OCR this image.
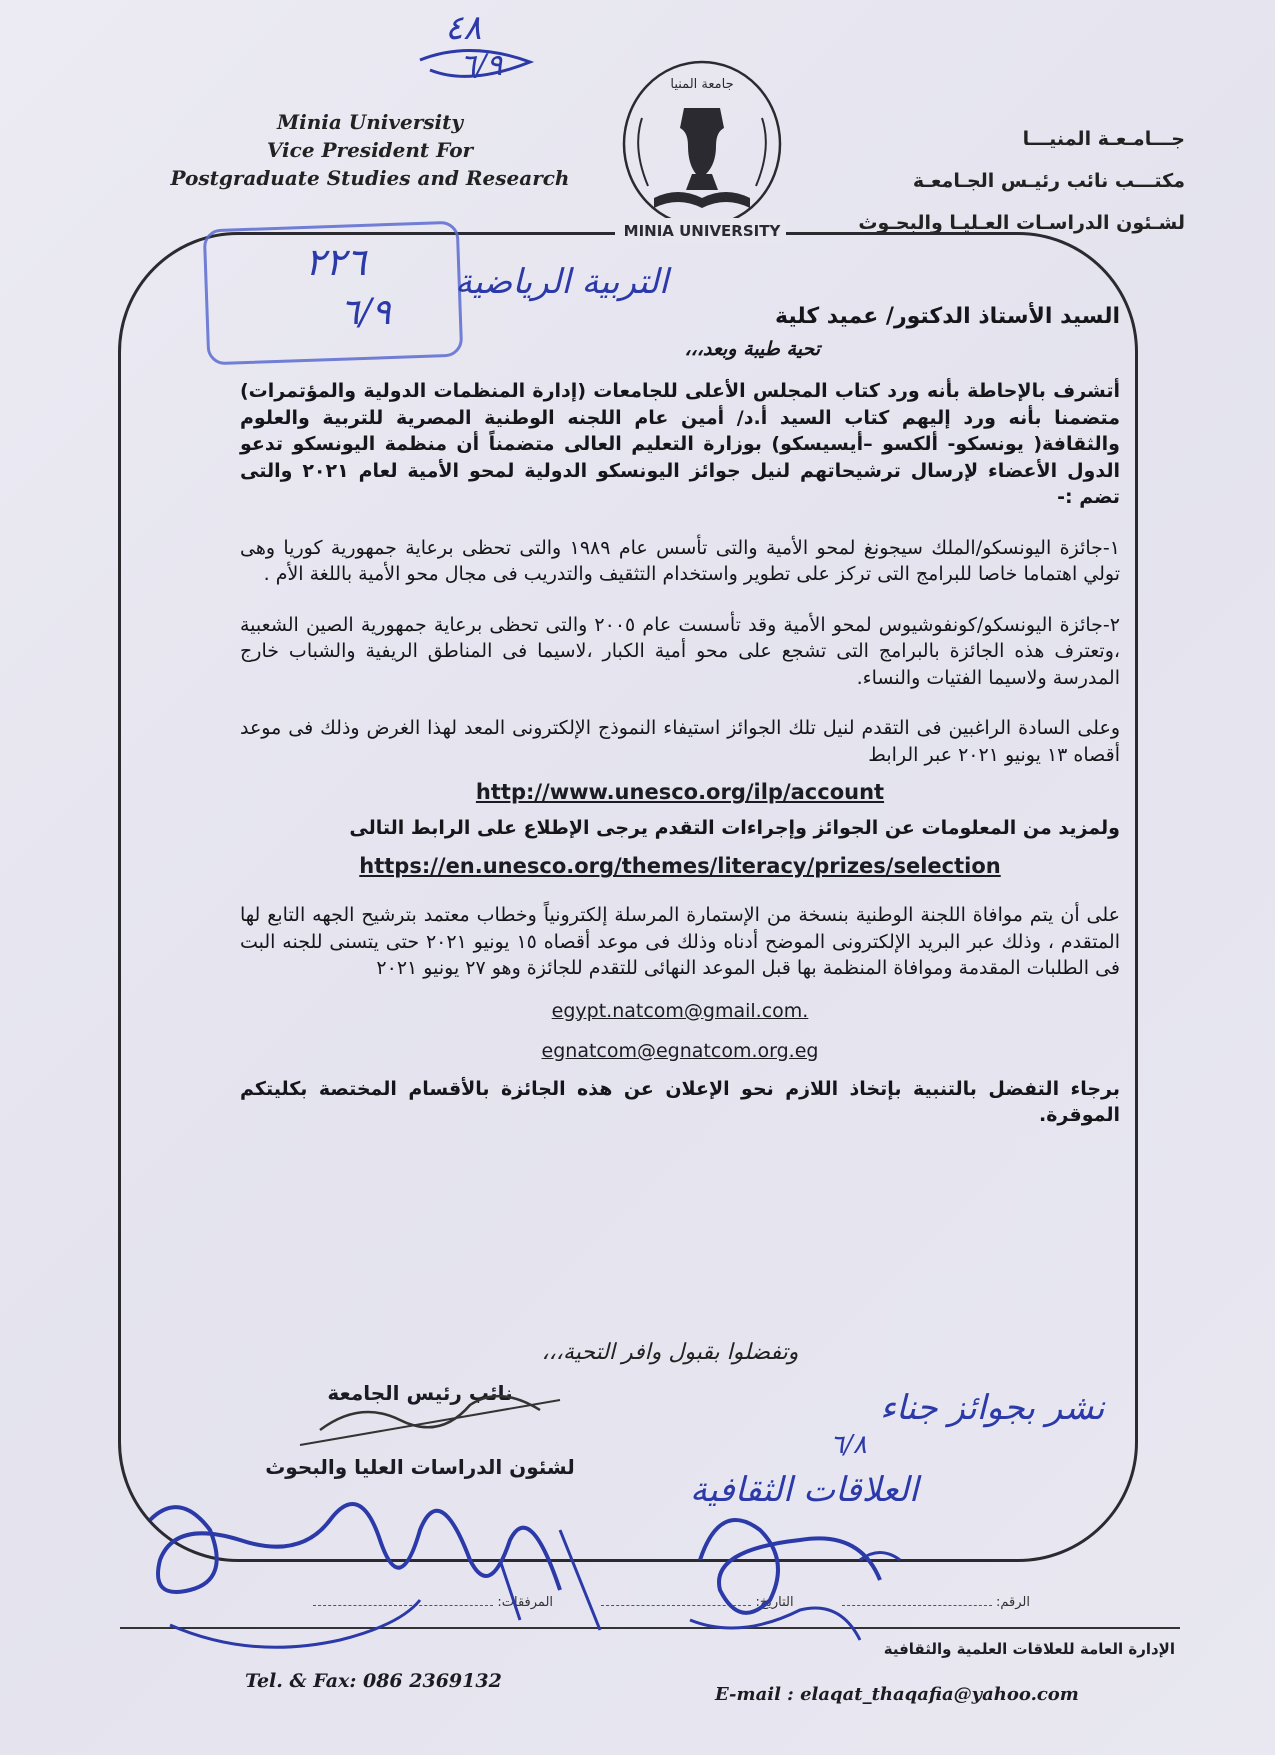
Minia University
Vice President For
Postgraduate Studies and Research
جـــامـعـة المنيـــا
مكتـــب نائب رئيـس الجـامعـة
لشـئون الدراسـات العـليـا والبحـوث
جامعة المنيا
MINIA UNIVERSITY
السيد الأستاذ الدكتور/ عميد كلية
تحية طيبة وبعد،،،
أتشرف بالإحاطة بأنه ورد كتاب المجلس الأعلى للجامعات (إدارة المنظمات الدولية والمؤتمرات) متضمنا بأنه ورد إليهم كتاب السيد أ.د/ أمين عام اللجنه الوطنية المصرية للتربية والعلوم والثقافة( يونسكو- ألكسو –أيسيسكو) بوزارة التعليم العالى متضمناً أن منظمة اليونسكو تدعو الدول الأعضاء لإرسال ترشيحاتهم لنيل جوائز اليونسكو الدولية لمحو الأمية لعام ٢٠٢١ والتى تضم :-
١-جائزة اليونسكو/الملك سيجونغ لمحو الأمية والتى تأسس عام ١٩٨٩ والتى تحظى برعاية جمهورية كوريا وهى تولي اهتماما خاصا للبرامج التى تركز على تطوير واستخدام التثقيف والتدريب فى مجال محو الأمية باللغة الأم .
٢-جائزة اليونسكو/كونفوشيوس لمحو الأمية وقد تأسست عام ٢٠٠٥ والتى تحظى برعاية جمهورية الصين الشعبية ،وتعترف هذه الجائزة بالبرامج التى تشجع على محو أمية الكبار ،لاسيما فى المناطق الريفية والشباب خارج المدرسة ولاسيما الفتيات والنساء.
وعلى السادة الراغبين فى التقدم لنيل تلك الجوائز استيفاء النموذج الإلكترونى المعد لهذا الغرض وذلك فى موعد أقصاه ١٣ يونيو ٢٠٢١ عبر الرابط
http://www.unesco.org/ilp/account
ولمزيد من المعلومات عن الجوائز وإجراءات التقدم يرجى الإطلاع على الرابط التالى
https://en.unesco.org/themes/literacy/prizes/selection
على أن يتم موافاة اللجنة الوطنية بنسخة من الإستمارة المرسلة إلكترونياً وخطاب معتمد بترشيح الجهه التابع لها المتقدم ، وذلك عبر البريد الإلكترونى الموضح أدناه وذلك فى موعد أقصاه ١٥ يونيو ٢٠٢١ حتى يتسنى للجنه البت فى الطلبات المقدمة وموافاة المنظمة بها قبل الموعد النهائى للتقدم للجائزة وهو ٢٧ يونيو ٢٠٢١
egypt.natcom@gmail.com.
egnatcom@egnatcom.org.eg
برجاء التفضل بالتنبية بإتخاذ اللازم نحو الإعلان عن هذه الجائزة بالأقسام المختصة بكليتكم الموقرة.
وتفضلوا بقبول وافر التحية،،،
نائب رئيس الجامعة
لشئون الدراسات العليا والبحوث
الرقم:   التاريخ:   المرفقات:
الإدارة العامة للعلاقات العلمية والثقافية
Tel. & Fax: 086 2369132
E-mail : elaqat_thaqafia@yahoo.com
٤٨
٦/٩
٢٢٦
٦/٩
التربية الرياضية
نشر بجوائز جناء
٦/٨
العلاقات الثقافية
